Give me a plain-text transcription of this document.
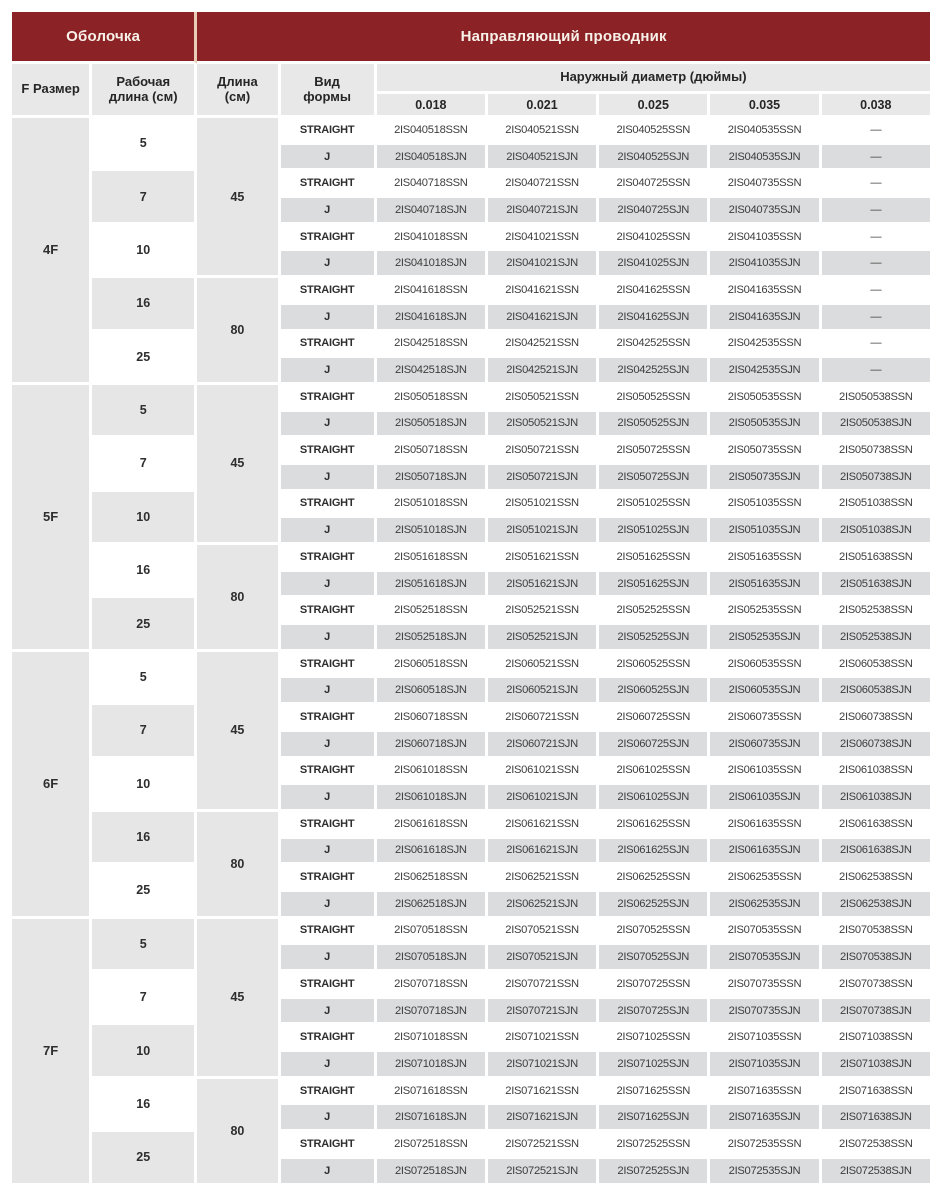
Оболочка		Направляющий проводник						
F Размер	Рабочая длина (см)	Длина (см)	Вид формы	Наружный диаметр (дюймы)				
				0.018	0.021	0.025	0.035	0.038
4F	5	45	STRAIGHT	2IS040518SSN	2IS040521SSN	2IS040525SSN	2IS040535SSN	—
			J	2IS040518SJN	2IS040521SJN	2IS040525SJN	2IS040535SJN	—
	7		STRAIGHT	2IS040718SSN	2IS040721SSN	2IS040725SSN	2IS040735SSN	—
			J	2IS040718SJN	2IS040721SJN	2IS040725SJN	2IS040735SJN	—
	10		STRAIGHT	2IS041018SSN	2IS041021SSN	2IS041025SSN	2IS041035SSN	—
			J	2IS041018SJN	2IS041021SJN	2IS041025SJN	2IS041035SJN	—
	16	80	STRAIGHT	2IS041618SSN	2IS041621SSN	2IS041625SSN	2IS041635SSN	—
			J	2IS041618SJN	2IS041621SJN	2IS041625SJN	2IS041635SJN	—
	25		STRAIGHT	2IS042518SSN	2IS042521SSN	2IS042525SSN	2IS042535SSN	—
			J	2IS042518SJN	2IS042521SJN	2IS042525SJN	2IS042535SJN	—
5F	5	45	STRAIGHT	2IS050518SSN	2IS050521SSN	2IS050525SSN	2IS050535SSN	2IS050538SSN
			J	2IS050518SJN	2IS050521SJN	2IS050525SJN	2IS050535SJN	2IS050538SJN
	7		STRAIGHT	2IS050718SSN	2IS050721SSN	2IS050725SSN	2IS050735SSN	2IS050738SSN
			J	2IS050718SJN	2IS050721SJN	2IS050725SJN	2IS050735SJN	2IS050738SJN
	10		STRAIGHT	2IS051018SSN	2IS051021SSN	2IS051025SSN	2IS051035SSN	2IS051038SSN
			J	2IS051018SJN	2IS051021SJN	2IS051025SJN	2IS051035SJN	2IS051038SJN
	16	80	STRAIGHT	2IS051618SSN	2IS051621SSN	2IS051625SSN	2IS051635SSN	2IS051638SSN
			J	2IS051618SJN	2IS051621SJN	2IS051625SJN	2IS051635SJN	2IS051638SJN
	25		STRAIGHT	2IS052518SSN	2IS052521SSN	2IS052525SSN	2IS052535SSN	2IS052538SSN
			J	2IS052518SJN	2IS052521SJN	2IS052525SJN	2IS052535SJN	2IS052538SJN
6F	5	45	STRAIGHT	2IS060518SSN	2IS060521SSN	2IS060525SSN	2IS060535SSN	2IS060538SSN
			J	2IS060518SJN	2IS060521SJN	2IS060525SJN	2IS060535SJN	2IS060538SJN
	7		STRAIGHT	2IS060718SSN	2IS060721SSN	2IS060725SSN	2IS060735SSN	2IS060738SSN
			J	2IS060718SJN	2IS060721SJN	2IS060725SJN	2IS060735SJN	2IS060738SJN
	10		STRAIGHT	2IS061018SSN	2IS061021SSN	2IS061025SSN	2IS061035SSN	2IS061038SSN
			J	2IS061018SJN	2IS061021SJN	2IS061025SJN	2IS061035SJN	2IS061038SJN
	16	80	STRAIGHT	2IS061618SSN	2IS061621SSN	2IS061625SSN	2IS061635SSN	2IS061638SSN
			J	2IS061618SJN	2IS061621SJN	2IS061625SJN	2IS061635SJN	2IS061638SJN
	25		STRAIGHT	2IS062518SSN	2IS062521SSN	2IS062525SSN	2IS062535SSN	2IS062538SSN
			J	2IS062518SJN	2IS062521SJN	2IS062525SJN	2IS062535SJN	2IS062538SJN
7F	5	45	STRAIGHT	2IS070518SSN	2IS070521SSN	2IS070525SSN	2IS070535SSN	2IS070538SSN
			J	2IS070518SJN	2IS070521SJN	2IS070525SJN	2IS070535SJN	2IS070538SJN
	7		STRAIGHT	2IS070718SSN	2IS070721SSN	2IS070725SSN	2IS070735SSN	2IS070738SSN
			J	2IS070718SJN	2IS070721SJN	2IS070725SJN	2IS070735SJN	2IS070738SJN
	10		STRAIGHT	2IS071018SSN	2IS071021SSN	2IS071025SSN	2IS071035SSN	2IS071038SSN
			J	2IS071018SJN	2IS071021SJN	2IS071025SJN	2IS071035SJN	2IS071038SJN
	16	80	STRAIGHT	2IS071618SSN	2IS071621SSN	2IS071625SSN	2IS071635SSN	2IS071638SSN
			J	2IS071618SJN	2IS071621SJN	2IS071625SJN	2IS071635SJN	2IS071638SJN
	25		STRAIGHT	2IS072518SSN	2IS072521SSN	2IS072525SSN	2IS072535SSN	2IS072538SSN
			J	2IS072518SJN	2IS072521SJN	2IS072525SJN	2IS072535SJN	2IS072538SJN
